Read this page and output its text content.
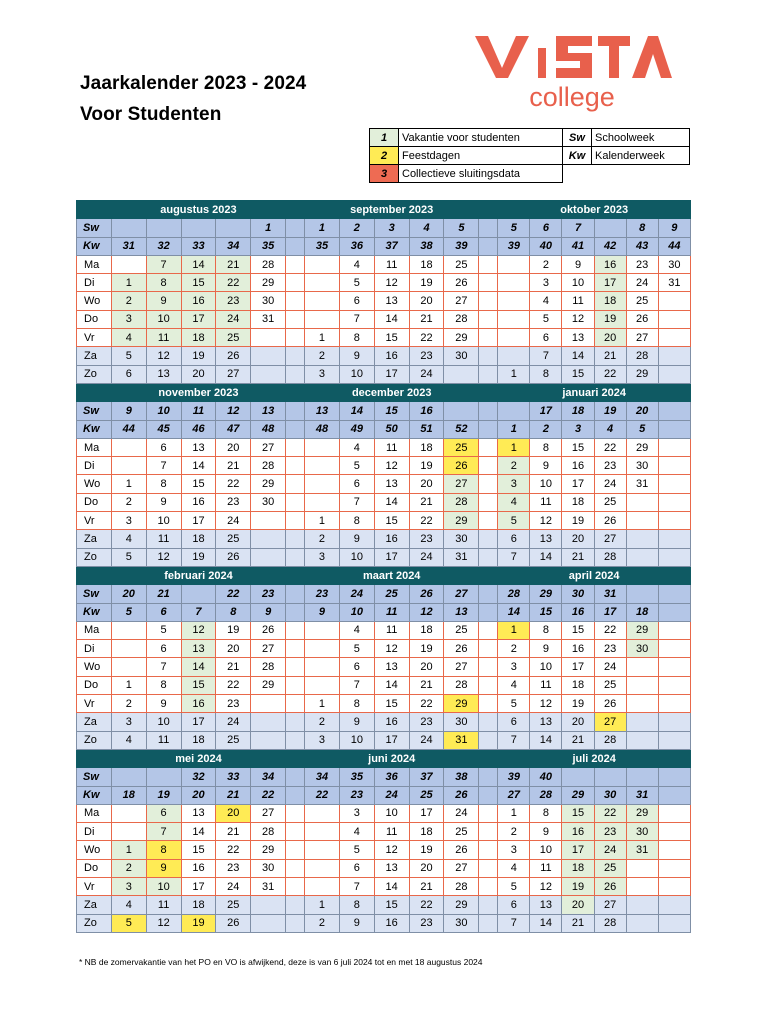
Jaarkalender 2023 - 2024
Voor Studenten
college
1	Vakantie voor studenten
2	Feestdagen
3	Collectieve sluitingsdata
Sw	Schoolweek
Kw	Kalenderweek
	augustus 2023						september 2023						oktober 2023					
Sw					1		1	2	3	4	5		5	6	7		8	9
Kw	31	32	33	34	35		35	36	37	38	39		39	40	41	42	43	44
Ma		7	14	21	28			4	11	18	25			2	9	16	23	30
Di	1	8	15	22	29			5	12	19	26			3	10	17	24	31
Wo	2	9	16	23	30			6	13	20	27			4	11	18	25	
Do	3	10	17	24	31			7	14	21	28			5	12	19	26	
Vr	4	11	18	25			1	8	15	22	29			6	13	20	27	
Za	5	12	19	26			2	9	16	23	30			7	14	21	28	
Zo	6	13	20	27			3	10	17	24			1	8	15	22	29	
	november 2023						december 2023						januari 2024					
Sw	9	10	11	12	13		13	14	15	16				17	18	19	20	
Kw	44	45	46	47	48		48	49	50	51	52		1	2	3	4	5	
Ma		6	13	20	27			4	11	18	25		1	8	15	22	29	
Di		7	14	21	28			5	12	19	26		2	9	16	23	30	
Wo	1	8	15	22	29			6	13	20	27		3	10	17	24	31	
Do	2	9	16	23	30			7	14	21	28		4	11	18	25		
Vr	3	10	17	24			1	8	15	22	29		5	12	19	26		
Za	4	11	18	25			2	9	16	23	30		6	13	20	27		
Zo	5	12	19	26			3	10	17	24	31		7	14	21	28		
	februari 2024						maart 2024						april 2024					
Sw	20	21		22	23		23	24	25	26	27		28	29	30	31		
Kw	5	6	7	8	9		9	10	11	12	13		14	15	16	17	18	
Ma		5	12	19	26			4	11	18	25		1	8	15	22	29	
Di		6	13	20	27			5	12	19	26		2	9	16	23	30	
Wo		7	14	21	28			6	13	20	27		3	10	17	24		
Do	1	8	15	22	29			7	14	21	28		4	11	18	25		
Vr	2	9	16	23			1	8	15	22	29		5	12	19	26		
Za	3	10	17	24			2	9	16	23	30		6	13	20	27		
Zo	4	11	18	25			3	10	17	24	31		7	14	21	28		
	mei 2024						juni 2024						juli 2024					
Sw			32	33	34		34	35	36	37	38		39	40				
Kw	18	19	20	21	22		22	23	24	25	26		27	28	29	30	31	
Ma		6	13	20	27			3	10	17	24		1	8	15	22	29	
Di		7	14	21	28			4	11	18	25		2	9	16	23	30	
Wo	1	8	15	22	29			5	12	19	26		3	10	17	24	31	
Do	2	9	16	23	30			6	13	20	27		4	11	18	25		
Vr	3	10	17	24	31			7	14	21	28		5	12	19	26		
Za	4	11	18	25			1	8	15	22	29		6	13	20	27		
Zo	5	12	19	26			2	9	16	23	30		7	14	21	28		
* NB de zomervakantie van het PO en VO is afwijkend, deze is van 6 juli 2024 tot en met 18 augustus 2024
